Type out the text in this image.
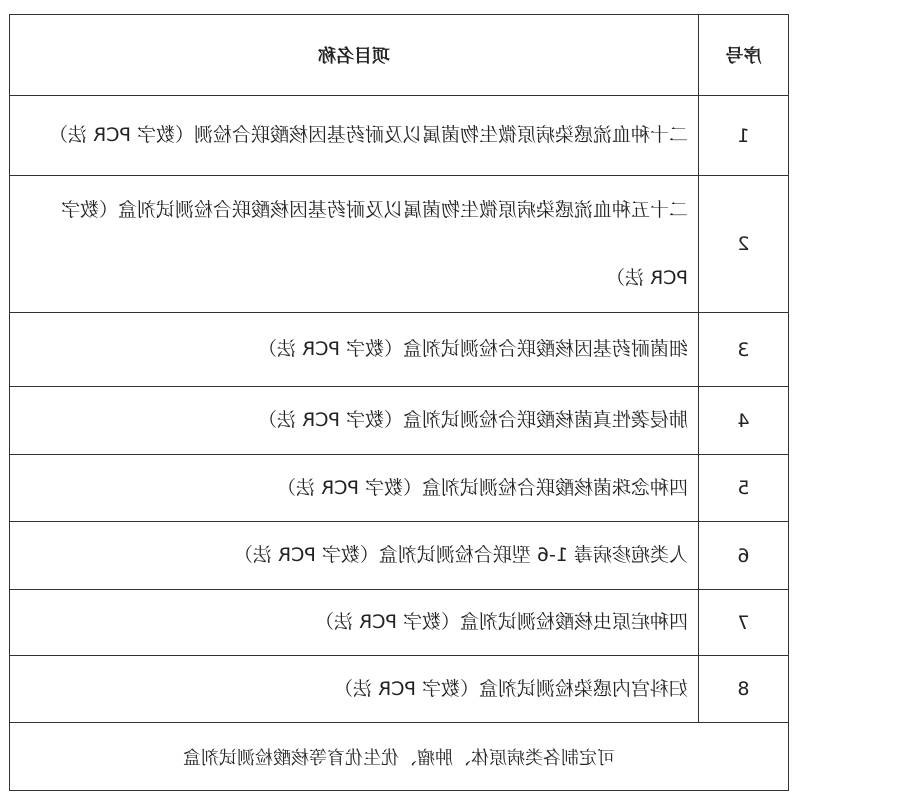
序号	项目名称
1	二十种血流感染病原微生物菌属以及耐药基因核酸联合检测（数字 PCR 法）
2	二十五种血流感染病原微生物菌属以及耐药基因核酸联合检测试剂盒（数字 PCR 法）
3	细菌耐药基因核酸联合检测试剂盒（数字 PCR 法）
4	肺侵袭性真菌核酸联合检测试剂盒（数字 PCR 法）
5	四种念珠菌核酸联合检测试剂盒（数字 PCR 法）
6	人类疱疹病毒 1-6 型联合检测试剂盒（数字 PCR 法）
7	四种疟原虫核酸检测试剂盒（数字 PCR 法）
8	妇科宫内感染检测试剂盒（数字 PCR 法）
可定制各类病原体、肿瘤、优生优育等核酸检测试剂盒	
